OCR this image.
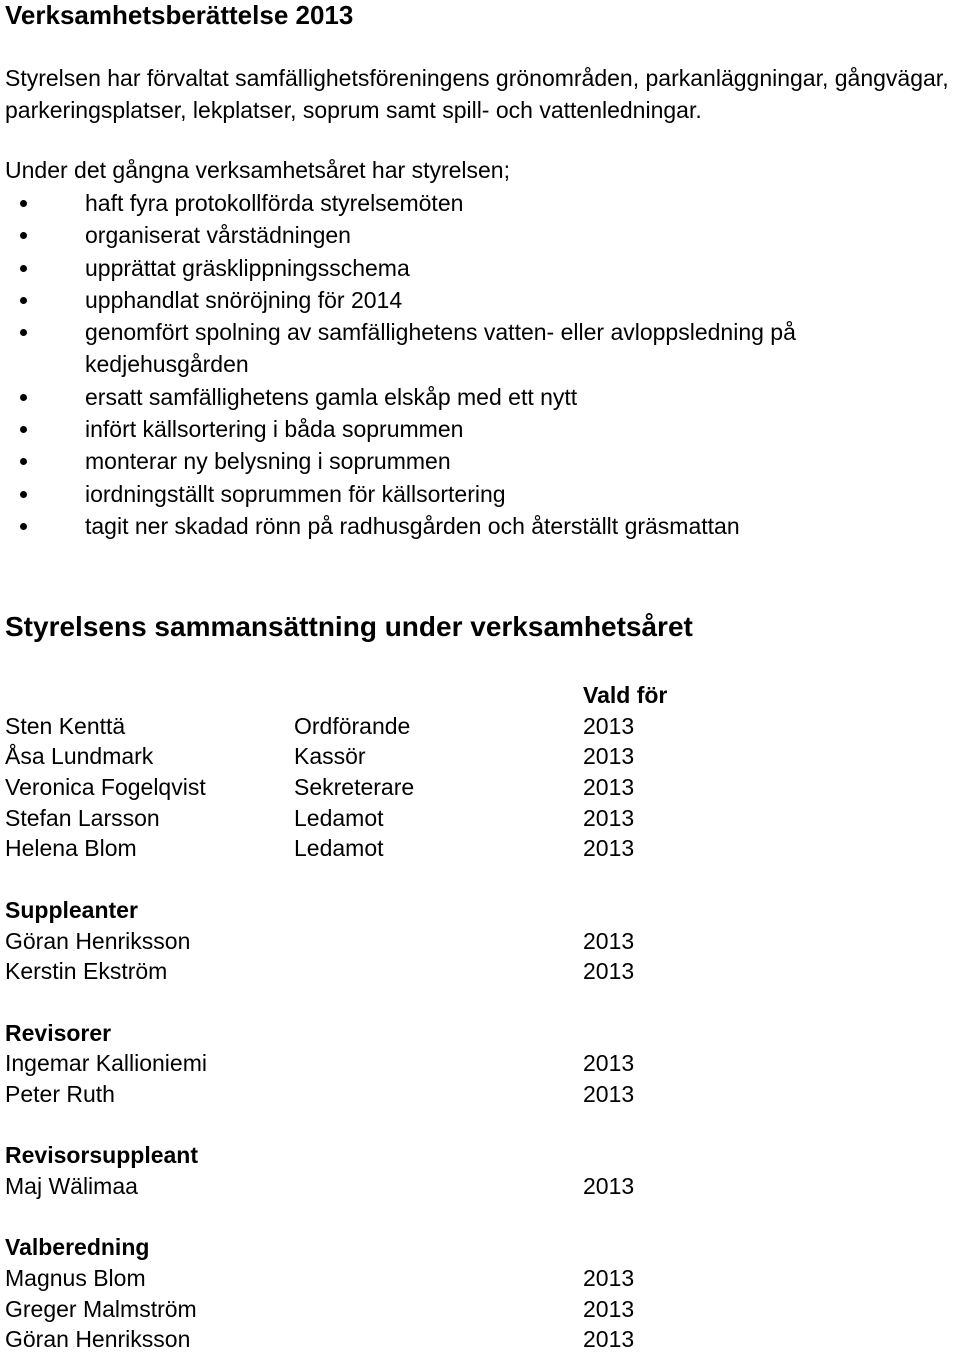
Verksamhetsberättelse 2013

Styrelsen har förvaltat samfällighetsföreningens grönområden, parkanläggningar, gångvägar, parkeringsplatser, lekplatser, soprum samt spill- och vattenledningar.

Under det gångna verksamhetsåret har styrelsen;

haft fyra protokollförda styrelsemöten
organiserat vårstädningen
upprättat gräsklippningsschema
upphandlat snöröjning för 2014
genomfört spolning av samfällighetens vatten- eller avloppsledning på kedjehusgården
ersatt samfällighetens gamla elskåp med ett nytt
infört källsortering i båda soprummen
monterar ny belysning i soprummen
iordningställt soprummen för källsortering
tagit ner skadad rönn på radhusgården och återställt gräsmattan
Styrelsens sammansättning under verksamhetsåret
Vald för
Sten Kenttä	Ordförande	2013
Åsa Lundmark	Kassör	2013
Veronica Fogelqvist	Sekreterare	2013
Stefan Larsson	Ledamot	2013
Helena Blom	Ledamot	2013
Suppleanter
Göran Henriksson	2013
Kerstin Ekström	2013
Revisorer
Ingemar Kallioniemi	2013
Peter Ruth	2013
Revisorsuppleant
Maj Wälimaa	2013
Valberedning
Magnus Blom	2013
Greger Malmström	2013
Göran Henriksson	2013
